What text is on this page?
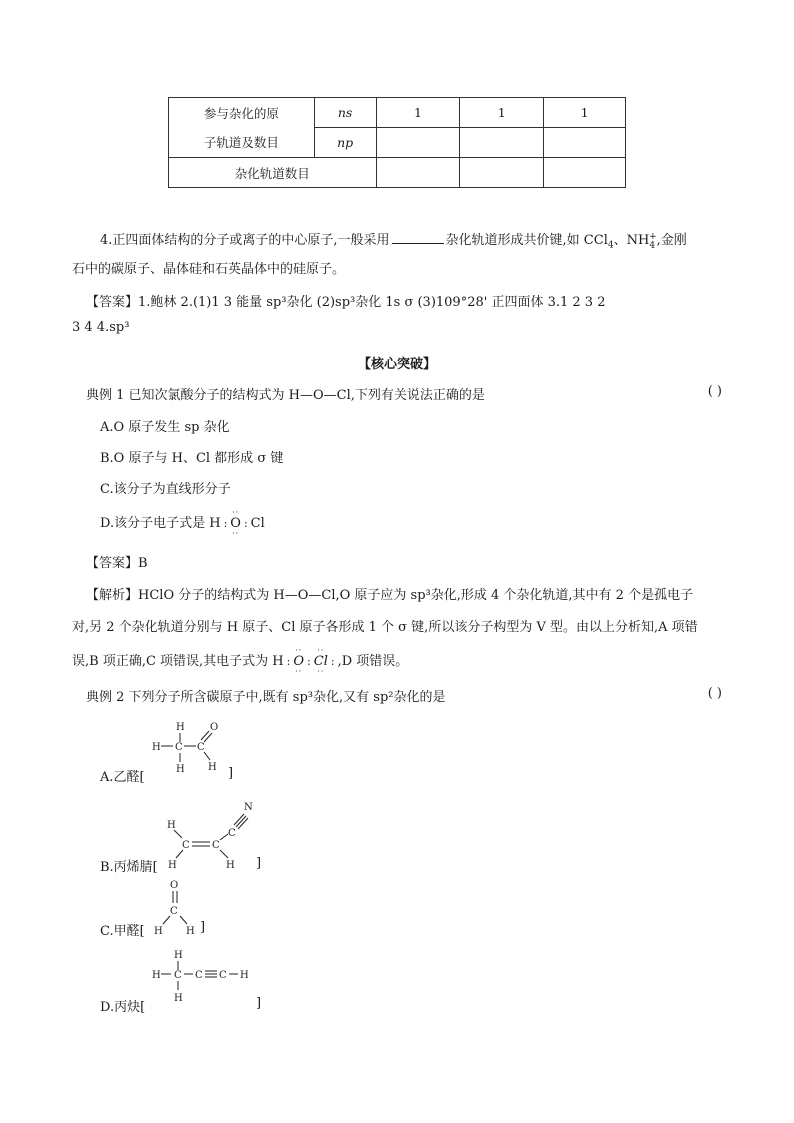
参与杂化的原	ns	1	1	1
子轨道及数目	np			
杂化轨道数目				
4.正四面体结构的分子或离子的中心原子,一般采用	杂化轨道形成共价键,如 CCl$_4$、$NH_4^+$,金刚
石中的碳原子、晶体硅和石英晶体中的硅原子。
【答案】1.鲍林 2.(1)1 3 能量 sp³杂化 (2)sp³杂化 1s σ (3)109°28' 正四面体 3.1 2 3 2
3 4 4.sp³
【核心突破】
典例 1 已知次氯酸分子的结构式为 H—O—Cl,下列有关说法正确的是	( )
A.O 原子发生 sp 杂化
B.O 原子与 H、Cl 都形成 σ 键
C.该分子为直线形分子
D.该分子电子式是 H :
··
O
··
: Cl
【答案】B
【解析】HClO 分子的结构式为 H—O—Cl,O 原子应为 sp³杂化,形成 4 个杂化轨道,其中有 2 个是孤电子
对,另 2 个杂化轨道分别与 H 原子、Cl 原子各形成 1 个 σ 键,所以该分子构型为 V 型。由以上分析知,A 项错
误,B 项正确,C 项错误,其电子式为 H :
··
O
··
:
··
Cl
··
: ,D 项错误。
典例 2 下列分子所含碳原子中,既有 sp³杂化,又有 sp²杂化的是	( )
A.乙醛[
H
H C C
O
H H ]
B.丙烯腈[
N
C
H
C C
H	H ]
C.甲醛[
O
C
H H ]
D.丙炔[
H
H C C C H
H	]
